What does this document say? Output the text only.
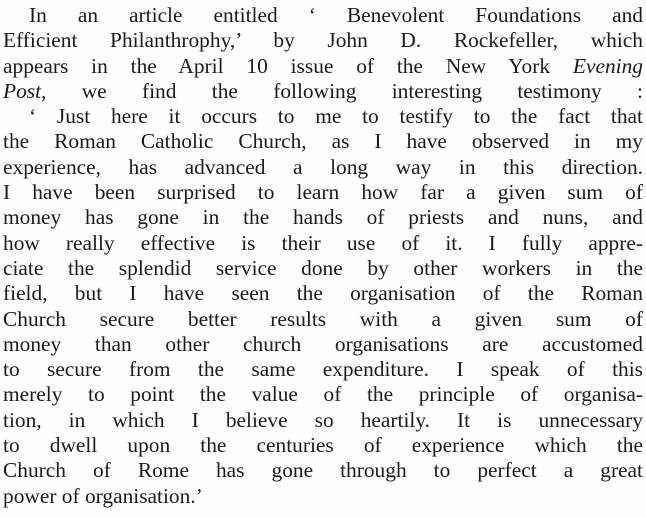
In an article entitled ‘ Benevolent Foundations and
Efficient Philanthrophy,’ by John D. Rockefeller, which
appears in the April 10 issue of the New York Evening
Post, we find the following interesting testimony :
‘ Just here it occurs to me to testify to the fact that
the Roman Catholic Church, as I have observed in my
experience, has advanced a long way in this direction.
I have been surprised to learn how far a given sum of
money has gone in the hands of priests and nuns, and
how really effective is their use of it. I fully appre-
ciate the splendid service done by other workers in the
field, but I have seen the organisation of the Roman
Church secure better results with a given sum of
money than other church organisations are accustomed
to secure from the same expenditure. I speak of this
merely to point the value of the principle of organisa-
tion, in which I believe so heartily. It is unnecessary
to dwell upon the centuries of experience which the
Church of Rome has gone through to perfect a great
power of organisation.’
